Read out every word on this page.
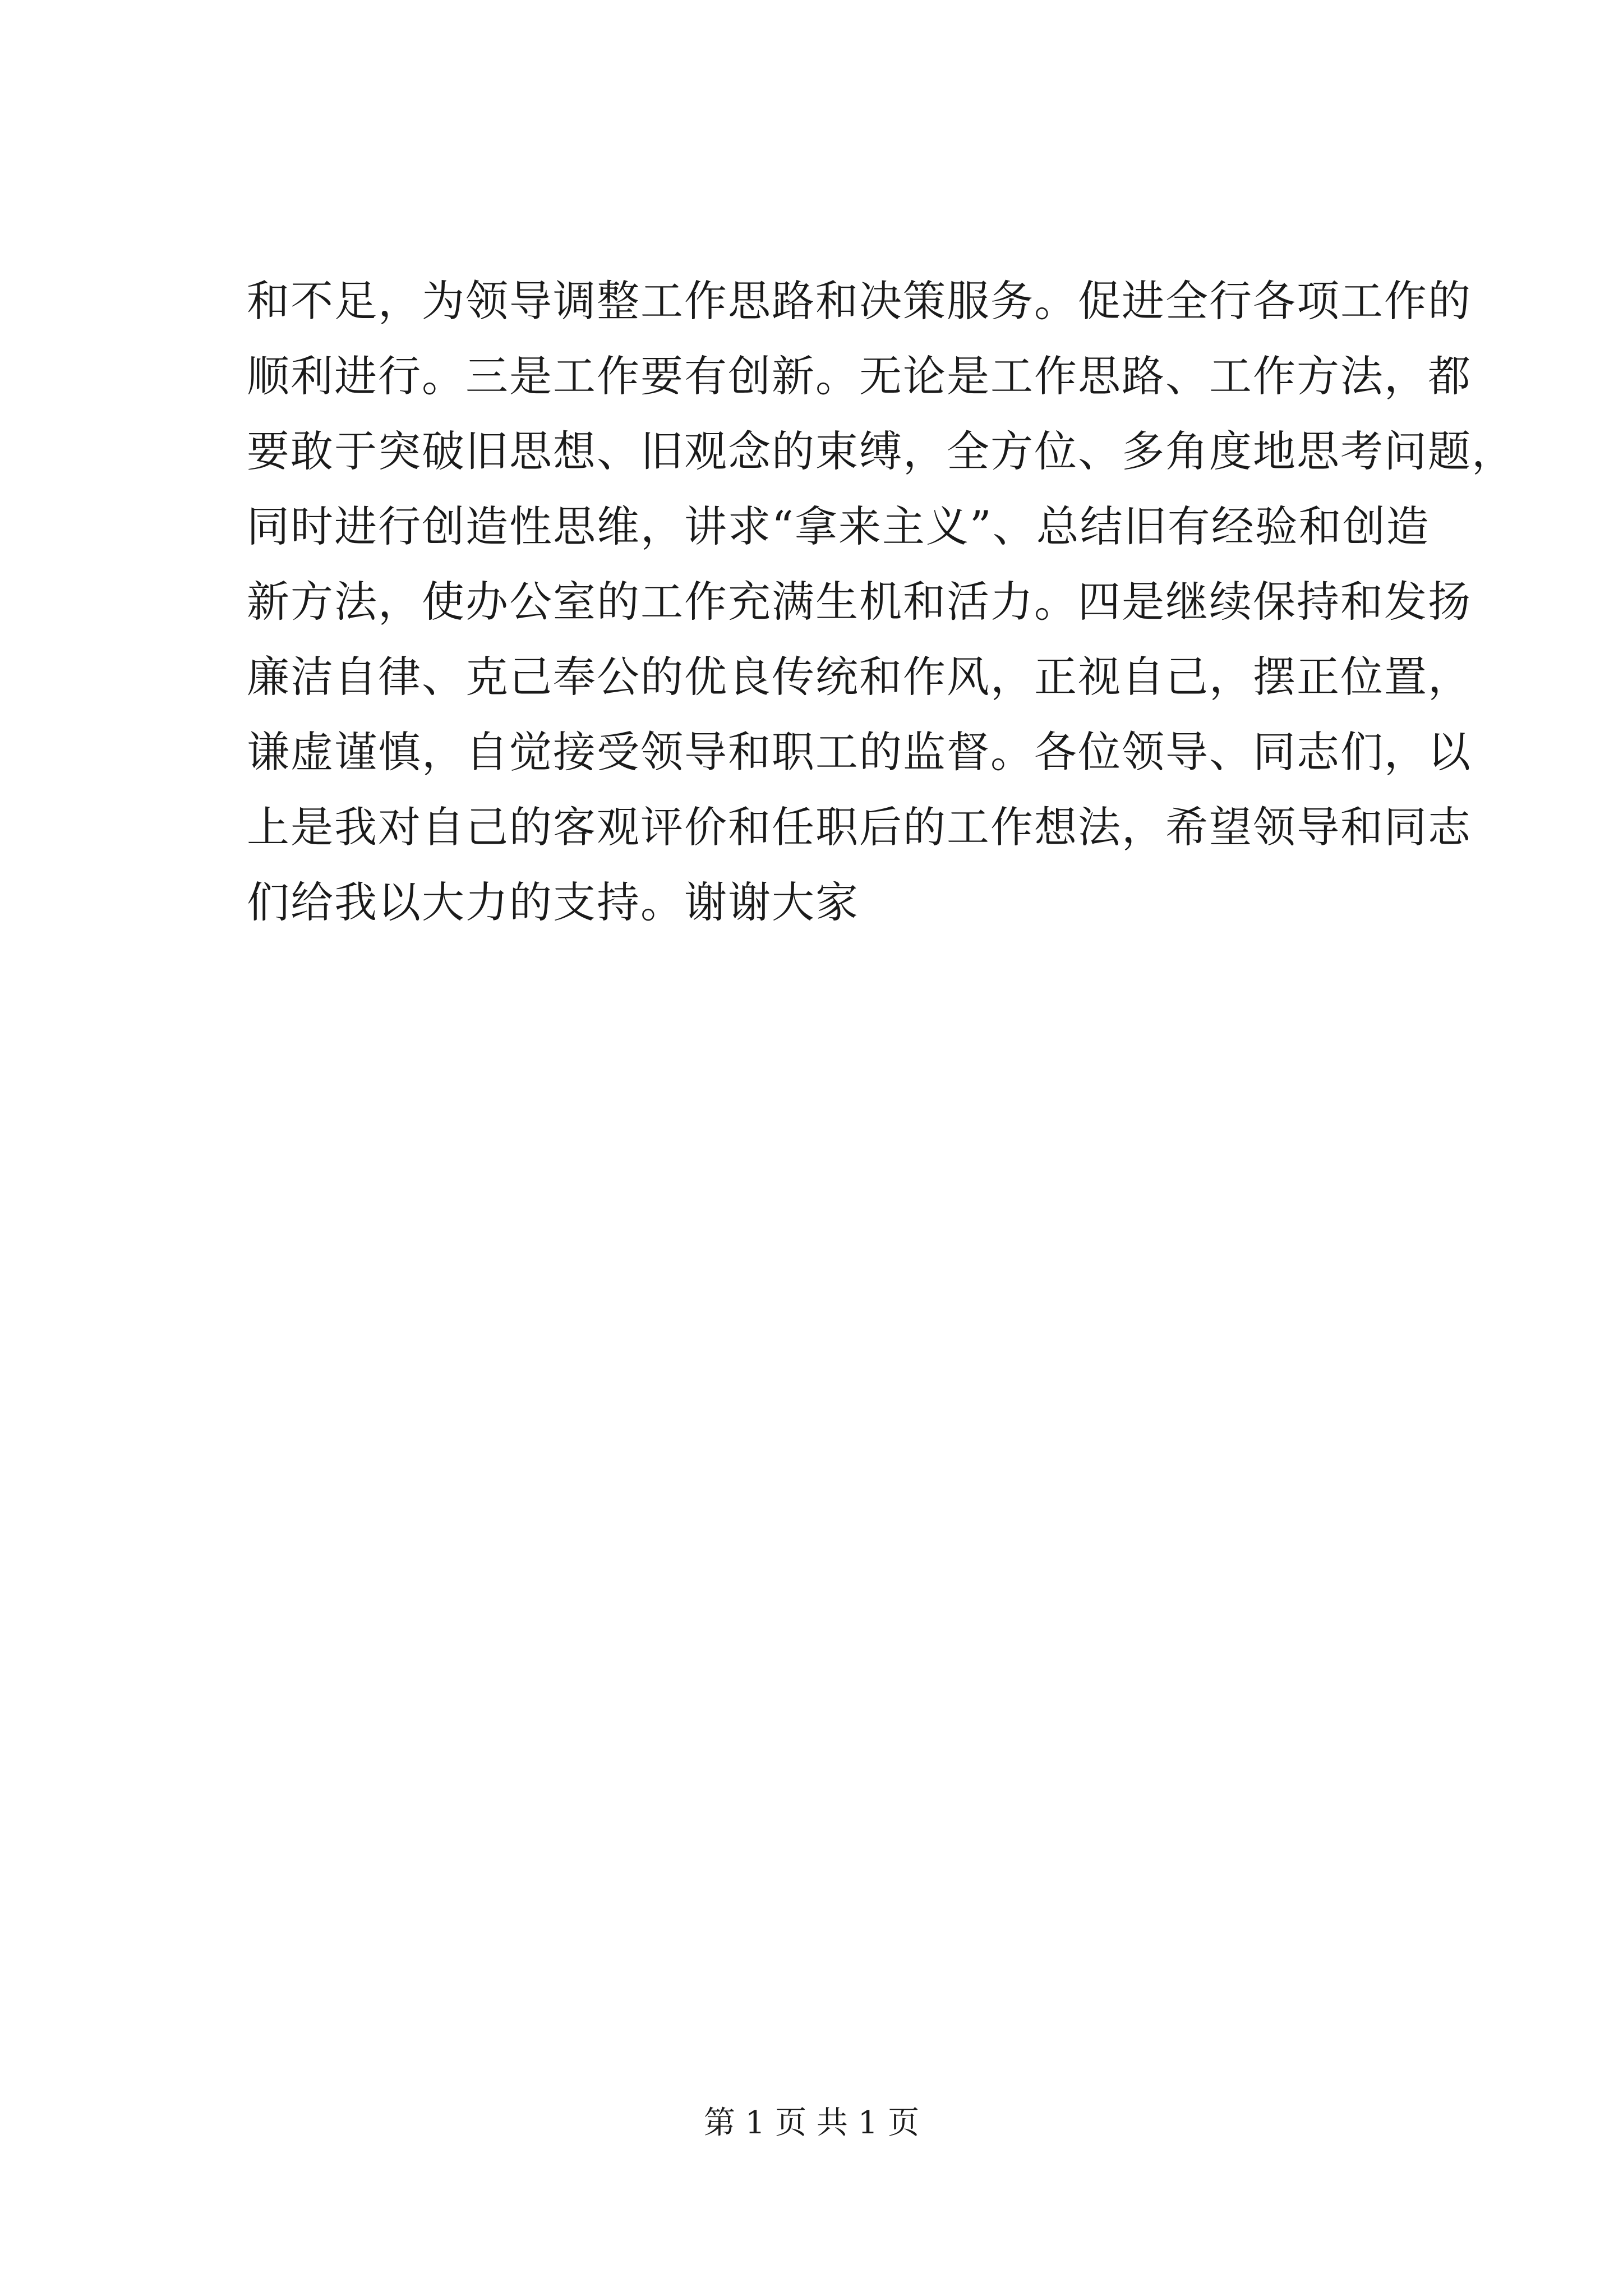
和不足，为领导调整工作思路和决策服务。促进全行各项工作的
顺利进行。三是工作要有创新。无论是工作思路、工作方法，都
要敢于突破旧思想、旧观念的束缚，全方位、多角度地思考问题，
同时进行创造性思维，讲求“拿来主义”、总结旧有经验和创造
新方法，使办公室的工作充满生机和活力。四是继续保持和发扬
廉洁自律、克己奉公的优良传统和作风，正视自己，摆正位置，
谦虚谨慎，自觉接受领导和职工的监督。各位领导、同志们，以
上是我对自己的客观评价和任职后的工作想法，希望领导和同志
们给我以大力的支持。谢谢大家
第 1 页 共 1 页
